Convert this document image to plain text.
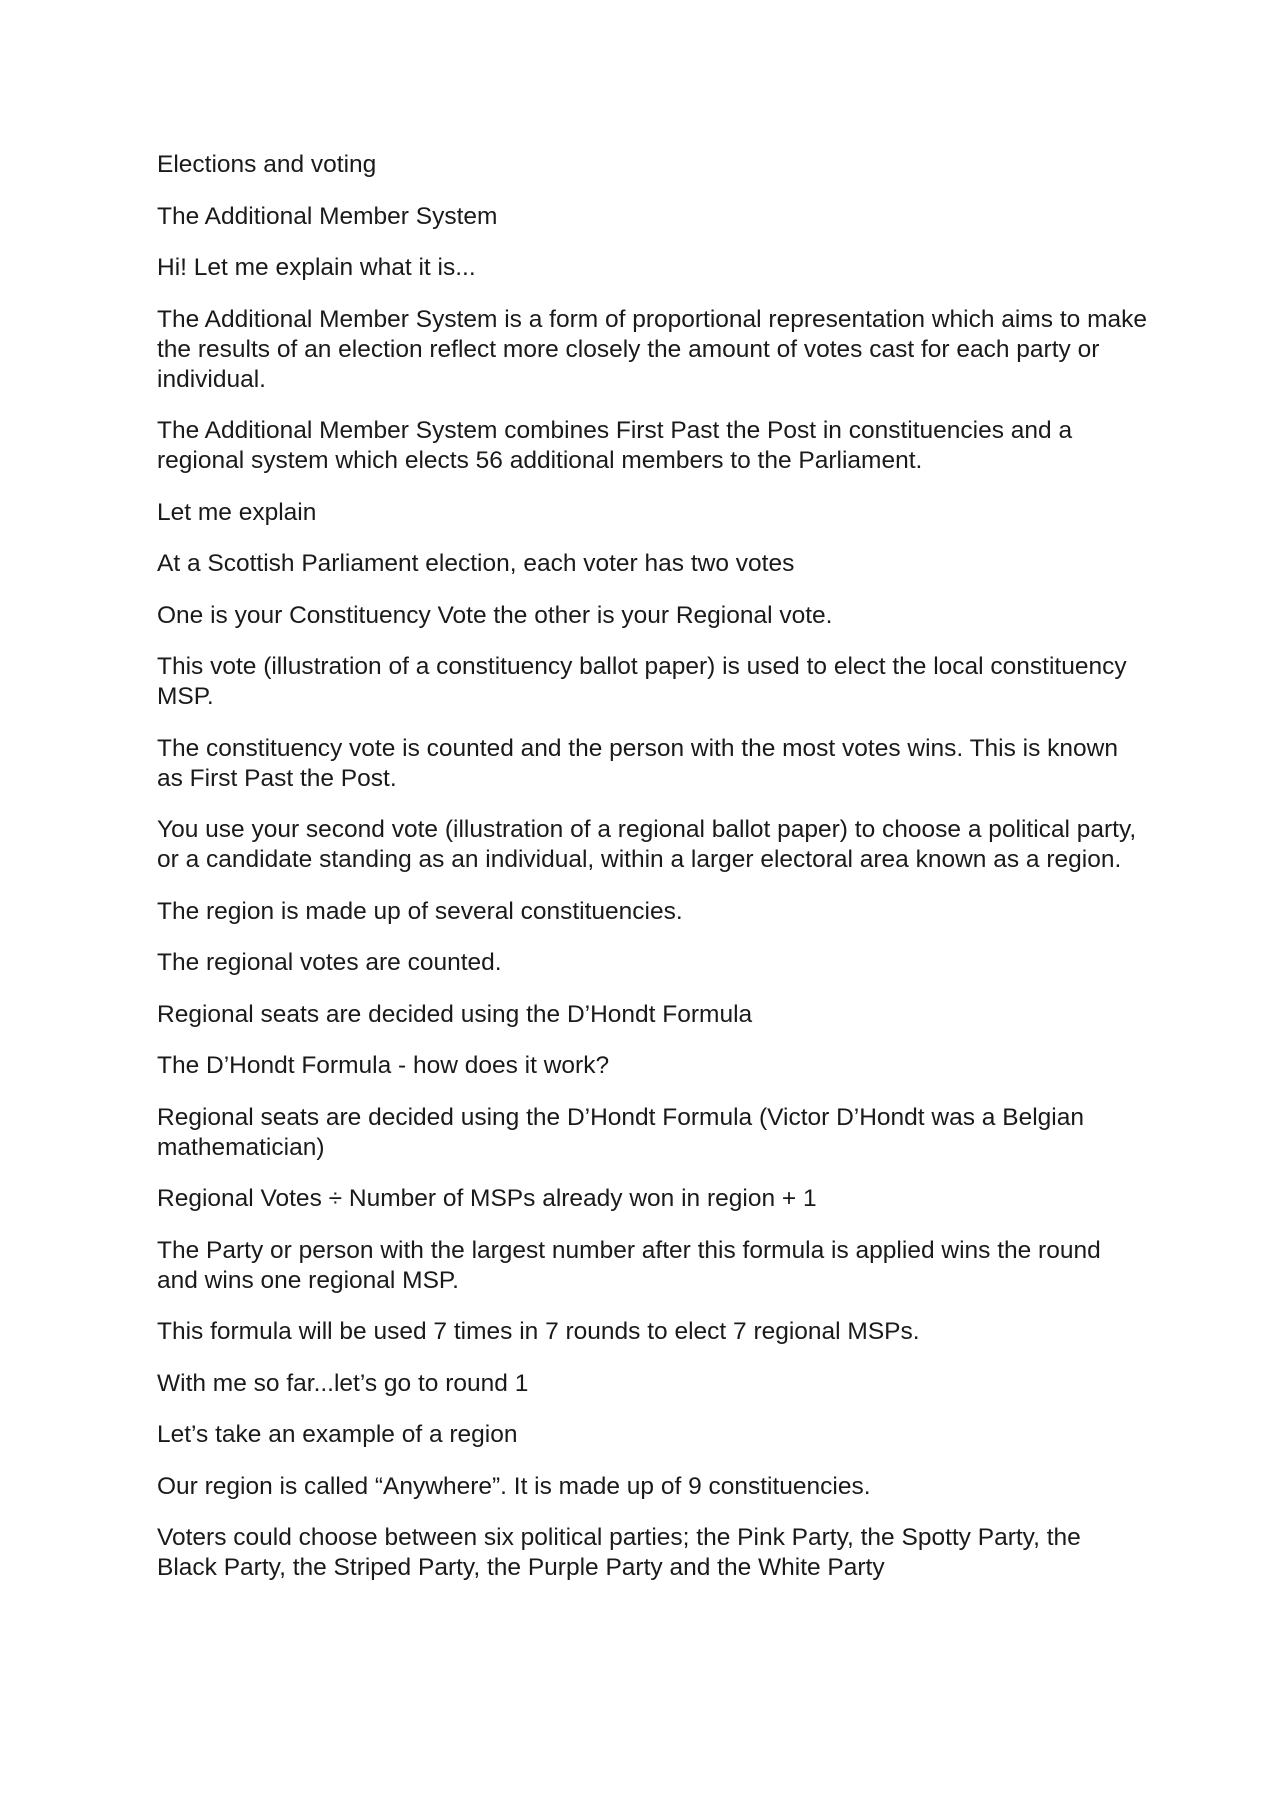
Elections and voting

The Additional Member System

Hi! Let me explain what it is...

The Additional Member System is a form of proportional representation which aims to make the results of an election reflect more closely the amount of votes cast for each party or individual.

The Additional Member System combines First Past the Post in constituencies and a regional system which elects 56 additional members to the Parliament.

Let me explain

At a Scottish Parliament election, each voter has two votes

One is your Constituency Vote the other is your Regional vote.

This vote (illustration of a constituency ballot paper) is used to elect the local constituency MSP.

The constituency vote is counted and the person with the most votes wins. This is known as First Past the Post.

You use your second vote (illustration of a regional ballot paper) to choose a political party, or a candidate standing as an individual, within a larger electoral area known as a region.

The region is made up of several constituencies.

The regional votes are counted.

Regional seats are decided using the D’Hondt Formula

The D’Hondt Formula - how does it work?

Regional seats are decided using the D’Hondt Formula (Victor D’Hondt was a Belgian mathematician)

Regional Votes ÷ Number of MSPs already won in region + 1

The Party or person with the largest number after this formula is applied wins the round and wins one regional MSP.

This formula will be used 7 times in 7 rounds to elect 7 regional MSPs.

With me so far...let’s go to round 1

Let’s take an example of a region

Our region is called “Anywhere”. It is made up of 9 constituencies.

Voters could choose between six political parties; the Pink Party, the Spotty Party, the Black Party, the Striped Party, the Purple Party and the White Party
